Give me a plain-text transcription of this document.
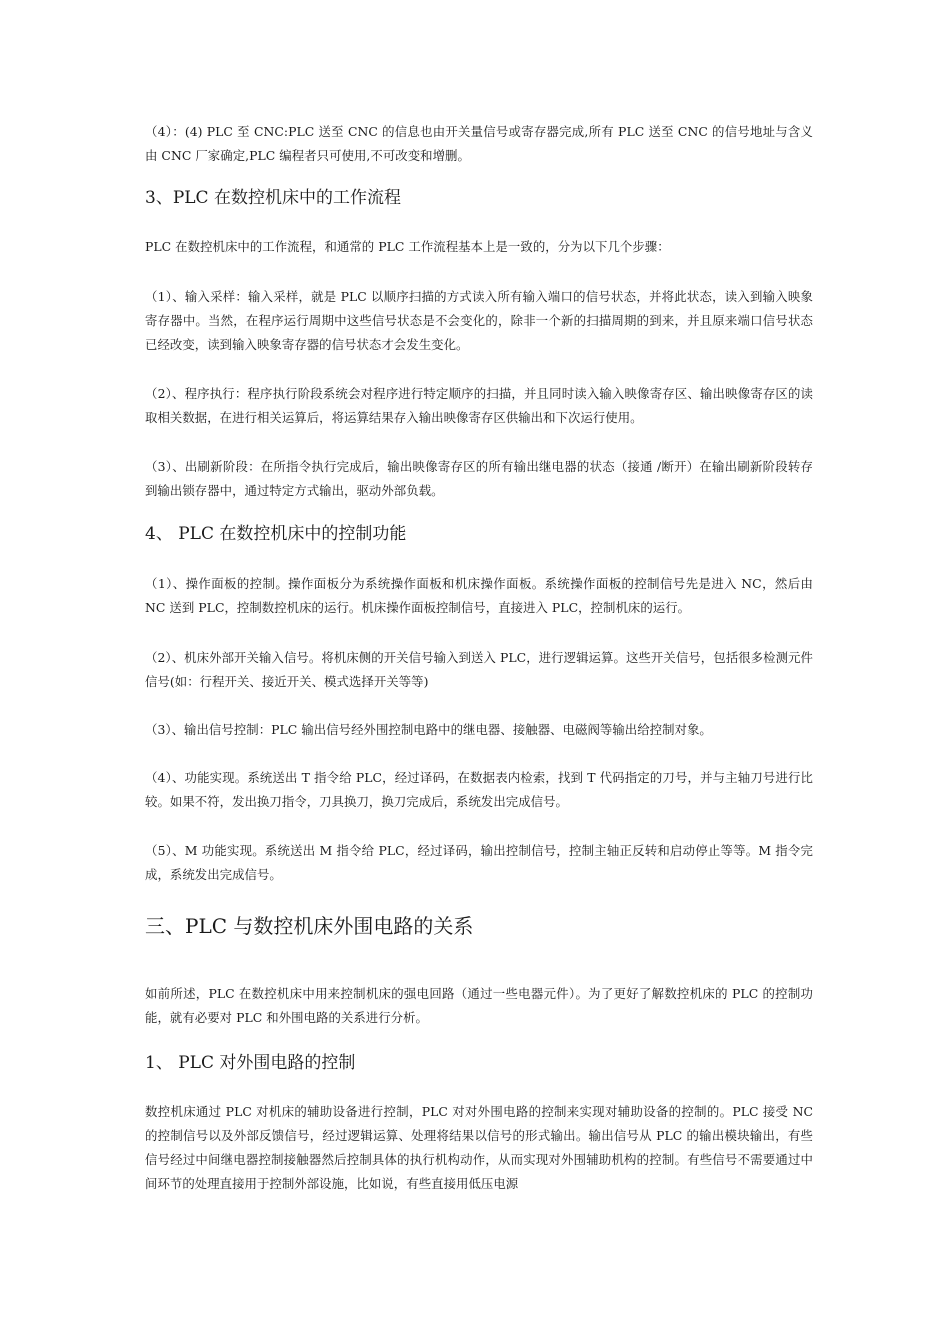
（4）：(4) PLC 至 CNC:PLC 送至 CNC 的信息也由开关量信号或寄存器完成,所有 PLC 送至 CNC 的信号地址与含义由 CNC 厂家确定,PLC 编程者只可使用,不可改变和增删。

3、PLC 在数控机床中的工作流程

PLC 在数控机床中的工作流程，和通常的 PLC 工作流程基本上是一致的，分为以下几个步骤：

（1）、输入采样：输入采样，就是 PLC 以顺序扫描的方式读入所有输入端口的信号状态，并将此状态，读入到输入映象寄存器中。当然，在程序运行周期中这些信号状态是不会变化的，除非一个新的扫描周期的到来，并且原来端口信号状态已经改变，读到输入映象寄存器的信号状态才会发生变化。

（2）、程序执行：程序执行阶段系统会对程序进行特定顺序的扫描，并且同时读入输入映像寄存区、输出映像寄存区的读取相关数据，在进行相关运算后，将运算结果存入输出映像寄存区供输出和下次运行使用。

（3）、出刷新阶段：在所指令执行完成后，输出映像寄存区的所有输出继电器的状态（接通 /断开）在输出刷新阶段转存到输出锁存器中，通过特定方式输出，驱动外部负载。

4、 PLC 在数控机床中的控制功能

（1）、操作面板的控制。操作面板分为系统操作面板和机床操作面板。系统操作面板的控制信号先是进入 NC，然后由 NC 送到 PLC，控制数控机床的运行。机床操作面板控制信号，直接进入 PLC，控制机床的运行。

（2）、机床外部开关输入信号。将机床侧的开关信号输入到送入 PLC，进行逻辑运算。这些开关信号，包括很多检测元件信号(如：行程开关、接近开关、模式选择开关等等)

（3）、输出信号控制：PLC 输出信号经外围控制电路中的继电器、接触器、电磁阀等输出给控制对象。

（4）、功能实现。系统送出 T 指令给 PLC，经过译码，在数据表内检索，找到 T 代码指定的刀号，并与主轴刀号进行比较。如果不符，发出换刀指令，刀具换刀，换刀完成后，系统发出完成信号。

（5）、M 功能实现。系统送出 M 指令给 PLC，经过译码，输出控制信号，控制主轴正反转和启动停止等等。M 指令完成，系统发出完成信号。

三、PLC 与数控机床外围电路的关系

如前所述，PLC 在数控机床中用来控制机床的强电回路（通过一些电器元件）。为了更好了解数控机床的 PLC 的控制功能，就有必要对 PLC 和外围电路的关系进行分析。

1、 PLC 对外围电路的控制

数控机床通过 PLC 对机床的辅助设备进行控制，PLC 对对外围电路的控制来实现对辅助设备的控制的。PLC 接受 NC 的控制信号以及外部反馈信号，经过逻辑运算、处理将结果以信号的形式输出。输出信号从 PLC 的输出模块输出，有些信号经过中间继电器控制接触器然后控制具体的执行机构动作，从而实现对外围辅助机构的控制。有些信号不需要通过中间环节的处理直接用于控制外部设施，比如说，有些直接用低压电源
